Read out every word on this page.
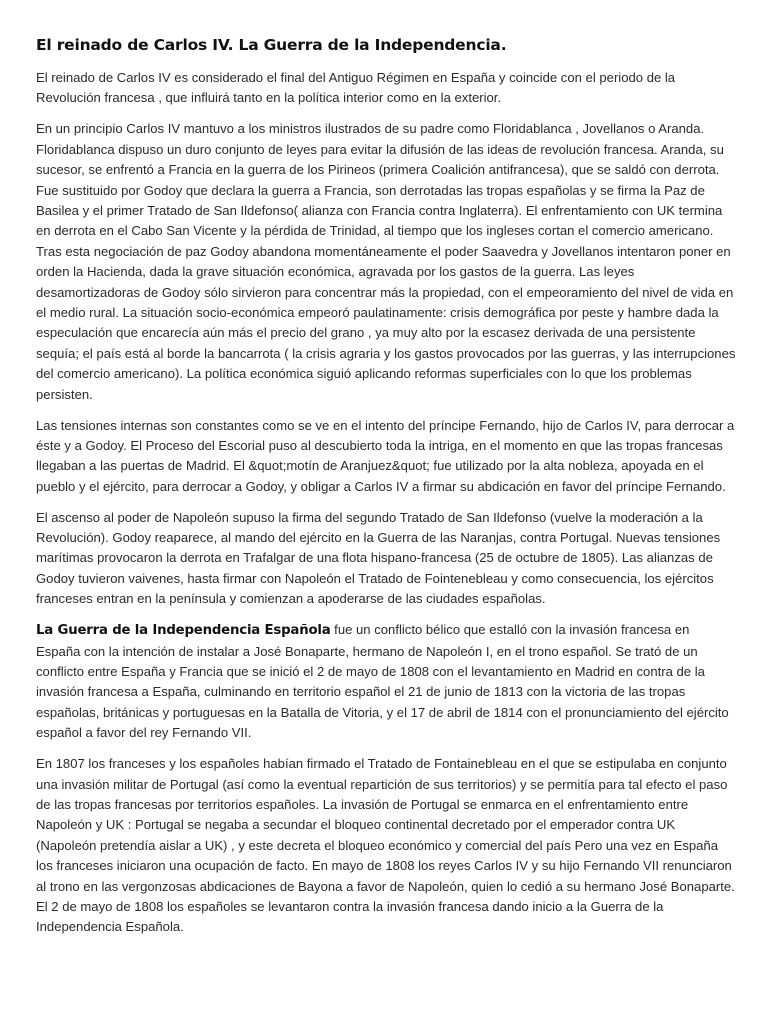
El reinado de Carlos IV. La Guerra de la Independencia.

El reinado de Carlos IV es considerado el final del Antiguo Régimen en España y coincide con el periodo de la Revolución francesa , que influirá tanto en la política interior como en la exterior.

En un principio Carlos IV mantuvo a los ministros ilustrados de su padre como Floridablanca , Jovellanos o Aranda. Floridablanca dispuso un duro conjunto de leyes para evitar la difusión de las ideas de revolución francesa. Aranda, su sucesor, se enfrentó a Francia en la guerra de los Pirineos (primera Coalición antifrancesa), que se saldó con derrota. Fue sustituido por Godoy que declara la guerra a Francia, son derrotadas las tropas españolas y se firma la Paz de Basilea y el primer Tratado de San Ildefonso( alianza con Francia contra Inglaterra). El enfrentamiento con UK termina en derrota en el Cabo San Vicente y la pérdida de Trinidad, al tiempo que los ingleses cortan el comercio americano. Tras esta negociación de paz Godoy abandona momentáneamente el poder Saavedra y Jovellanos intentaron poner en orden la Hacienda, dada la grave situación económica, agravada por los gastos de la guerra. Las leyes desamortizadoras de Godoy sólo sirvieron para concentrar más la propiedad, con el empeoramiento del nivel de vida en el medio rural. La situación socio-económica empeoró paulatinamente: crisis demográfica por peste y hambre dada la especulación que encarecía aún más el precio del grano , ya muy alto por la escasez derivada de una persistente sequía; el país está al borde la bancarrota ( la crisis agraria y los gastos provocados por las guerras, y las interrupciones del comercio americano). La política económica siguió aplicando reformas superficiales con lo que los problemas persisten.

Las tensiones internas son constantes como se ve en el intento del príncipe Fernando, hijo de Carlos IV, para derrocar a éste y a Godoy. El Proceso del Escorial puso al descubierto toda la intriga, en el momento en que las tropas francesas llegaban a las puertas de Madrid. El &quot;motín de Aranjuez&quot; fue utilizado por la alta nobleza, apoyada en el pueblo y el ejército, para derrocar a Godoy, y obligar a Carlos IV a firmar su abdicación en favor del príncipe Fernando.

El ascenso al poder de Napoleón supuso la firma del segundo Tratado de San Ildefonso (vuelve la moderación a la Revolución). Godoy reaparece, al mando del ejército en la Guerra de las Naranjas, contra Portugal. Nuevas tensiones marítimas provocaron la derrota en Trafalgar de una flota hispano-francesa (25 de octubre de 1805). Las alianzas de Godoy tuvieron vaivenes, hasta firmar con Napoleón el Tratado de Fointenebleau y como consecuencia, los ejércitos franceses entran en la península y comienzan a apoderarse de las ciudades españolas.

La Guerra de la Independencia Española fue un conflicto bélico que estalló con la invasión francesa en España con la intención de instalar a José Bonaparte, hermano de Napoleón I, en el trono español. Se trató de un conflicto entre España y Francia que se inició el 2 de mayo de 1808 con el levantamiento en Madrid en contra de la invasión francesa a España, culminando en territorio español el 21 de junio de 1813 con la victoria de las tropas españolas, británicas y portuguesas en la Batalla de Vitoria, y el 17 de abril de 1814 con el pronunciamiento del ejército español a favor del rey Fernando VII.

En 1807 los franceses y los españoles habían firmado el Tratado de Fontainebleau en el que se estipulaba en conjunto una invasión militar de Portugal (así como la eventual repartición de sus territorios) y se permitía para tal efecto el paso de las tropas francesas por territorios españoles. La invasión de Portugal se enmarca en el enfrentamiento entre Napoleón y UK : Portugal se negaba a secundar el bloqueo continental decretado por el emperador contra UK (Napoleón pretendía aislar a UK) , y este decreta el bloqueo económico y comercial del país Pero una vez en España los franceses iniciaron una ocupación de facto. En mayo de 1808 los reyes Carlos IV y su hijo Fernando VII renunciaron al trono en las vergonzosas abdicaciones de Bayona a favor de Napoleón, quien lo cedió a su hermano José Bonaparte. El 2 de mayo de 1808 los españoles se levantaron contra la invasión francesa dando inicio a la Guerra de la Independencia Española.
